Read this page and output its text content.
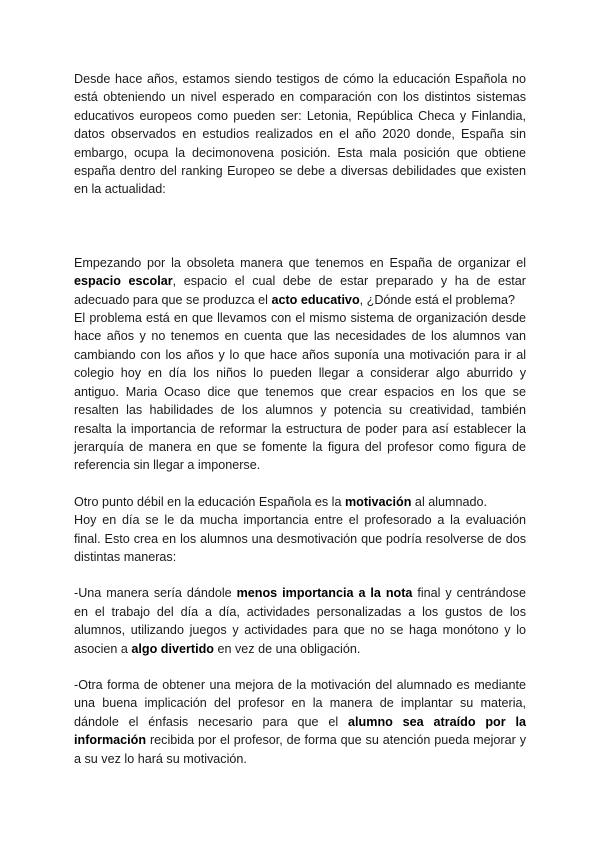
Desde hace años, estamos siendo testigos de cómo la educación Española no está obteniendo un nivel esperado en comparación con los distintos sistemas educativos europeos como pueden ser: Letonia, República Checa y Finlandia, datos observados en estudios realizados en el año 2020 donde, España sin embargo, ocupa la decimonovena posición. Esta mala posición que obtiene españa dentro del ranking Europeo se debe a diversas debilidades que existen en la actualidad:

Empezando por la obsoleta manera que tenemos en España de organizar el espacio escolar, espacio el cual debe de estar preparado y ha de estar adecuado para que se produzca el acto educativo, ¿Dónde está el problema?

El problema está en que llevamos con el mismo sistema de organización desde hace años y no tenemos en cuenta que las necesidades de los alumnos van cambiando con los años y lo que hace años suponía una motivación para ir al colegio hoy en día los niños lo pueden llegar a considerar algo aburrido y antiguo. Maria Ocaso dice que tenemos que crear espacios en los que se resalten las habilidades de los alumnos y potencia su creatividad, también resalta la importancia de reformar la estructura de poder para así establecer la jerarquía de manera en que se fomente la figura del profesor como figura de referencia sin llegar a imponerse.

Otro punto débil en la educación Española es la motivación al alumnado.

Hoy en día se le da mucha importancia entre el profesorado a la evaluación final. Esto crea en los alumnos una desmotivación que podría resolverse de dos distintas maneras:

-Una manera sería dándole menos importancia a la nota final y centrándose en el trabajo del día a día, actividades personalizadas a los gustos de los alumnos, utilizando juegos y actividades para que no se haga monótono y lo asocien a algo divertido en vez de una obligación.

-Otra forma de obtener una mejora de la motivación del alumnado es mediante una buena implicación del profesor en la manera de implantar su materia, dándole el énfasis necesario para que el alumno sea atraído por la información recibida por el profesor, de forma que su atención pueda mejorar y a su vez lo hará su motivación.
